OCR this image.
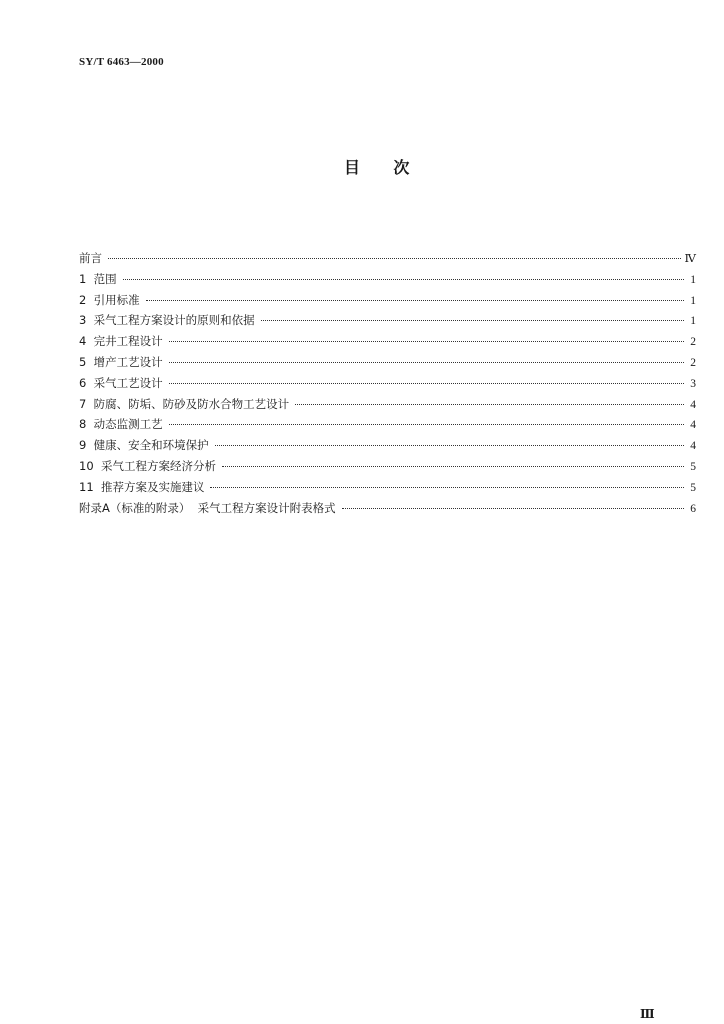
SY/T 6463—2000
目      次
前言	Ⅳ
1 范围	1
2 引用标准	1
3 采气工程方案设计的原则和依据	1
4 完井工程设计	2
5 增产工艺设计	2
6 采气工艺设计	3
7 防腐、防垢、防砂及防水合物工艺设计	4
8 动态监测工艺	4
9 健康、安全和环境保护	4
10 采气工程方案经济分析	5
11 推荐方案及实施建议	5
附录A（标准的附录）  采气工程方案设计附表格式	6
Ⅲ
